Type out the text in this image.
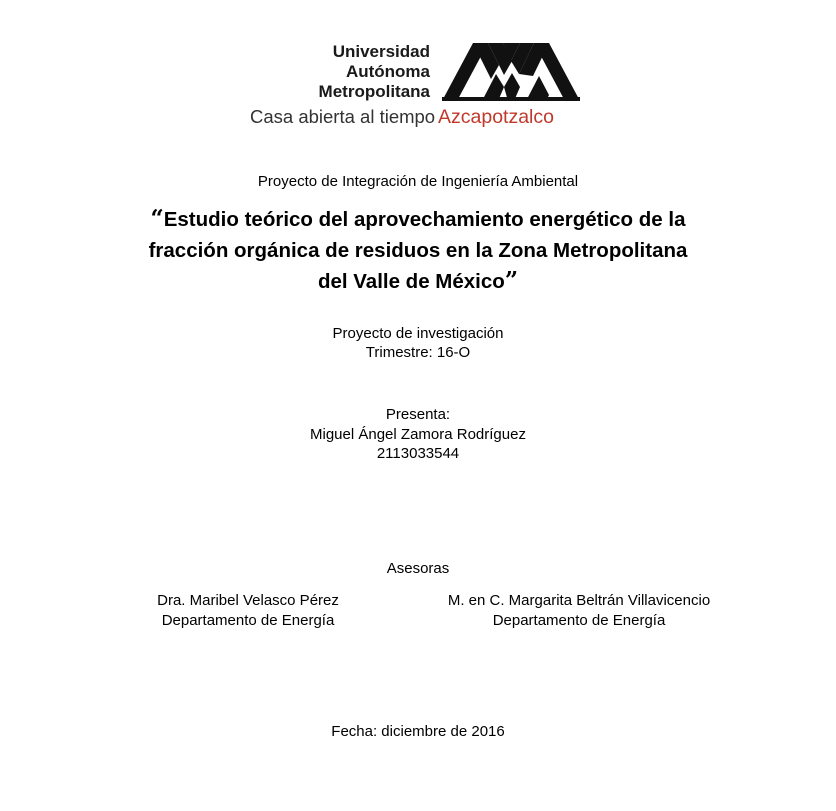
Universidad
Autónoma
Metropolitana
Casa abierta al tiempo Azcapotzalco
Proyecto de Integración de Ingeniería Ambiental
“Estudio teórico del aprovechamiento energético de la
fracción orgánica de residuos en la Zona Metropolitana
del Valle de México”
Proyecto de investigación
Trimestre: 16-O
Presenta:
Miguel Ángel Zamora Rodríguez
2113033544
Asesoras
Dra. Maribel Velasco Pérez
Departamento de Energía
M. en C. Margarita Beltrán Villavicencio
Departamento de Energía
Fecha: diciembre de 2016
